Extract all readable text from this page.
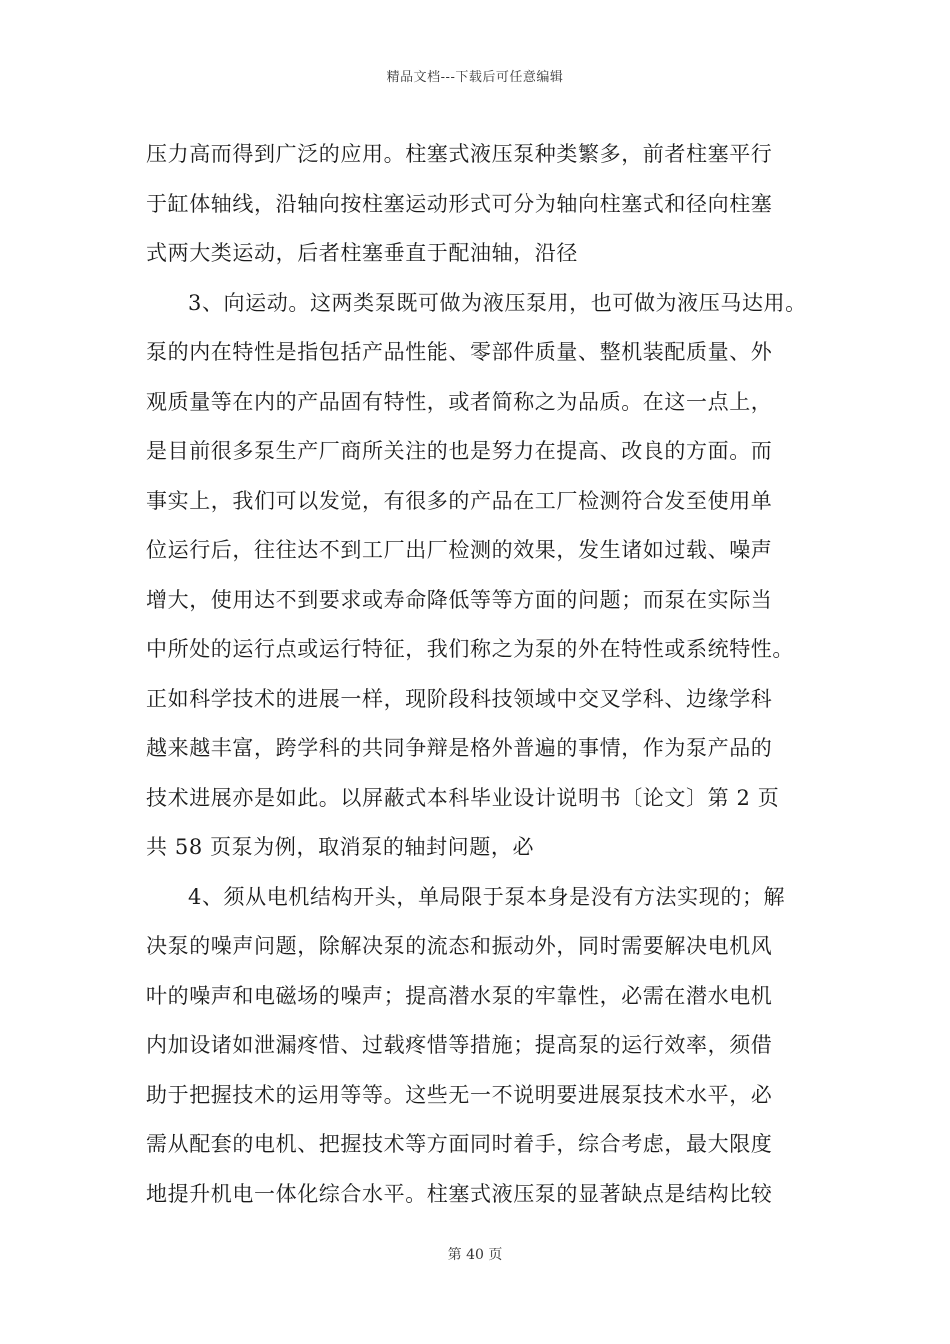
精品文档---下载后可任意编辑
压力高而得到广泛的应用。柱塞式液压泵种类繁多，前者柱塞平行
于缸体轴线，沿轴向按柱塞运动形式可分为轴向柱塞式和径向柱塞
式两大类运动，后者柱塞垂直于配油轴，沿径
3、向运动。这两类泵既可做为液压泵用，也可做为液压马达用。
泵的内在特性是指包括产品性能、零部件质量、整机装配质量、外
观质量等在内的产品固有特性，或者简称之为品质。在这一点上，
是目前很多泵生产厂商所关注的也是努力在提高、改良的方面。而
事实上，我们可以发觉，有很多的产品在工厂检测符合发至使用单
位运行后，往往达不到工厂出厂检测的效果，发生诸如过载、噪声
增大，使用达不到要求或寿命降低等等方面的问题；而泵在实际当
中所处的运行点或运行特征，我们称之为泵的外在特性或系统特性。
正如科学技术的进展一样，现阶段科技领域中交叉学科、边缘学科
越来越丰富，跨学科的共同争辩是格外普遍的事情，作为泵产品的
技术进展亦是如此。以屏蔽式本科毕业设计说明书〔论文〕第 2 页
共 58 页泵为例，取消泵的轴封问题，必
4、须从电机结构开头，单局限于泵本身是没有方法实现的；解
决泵的噪声问题，除解决泵的流态和振动外，同时需要解决电机风
叶的噪声和电磁场的噪声；提高潜水泵的牢靠性，必需在潜水电机
内加设诸如泄漏疼惜、过载疼惜等措施；提高泵的运行效率，须借
助于把握技术的运用等等。这些无一不说明要进展泵技术水平，必
需从配套的电机、把握技术等方面同时着手，综合考虑，最大限度
地提升机电一体化综合水平。柱塞式液压泵的显著缺点是结构比较
第 40 页
